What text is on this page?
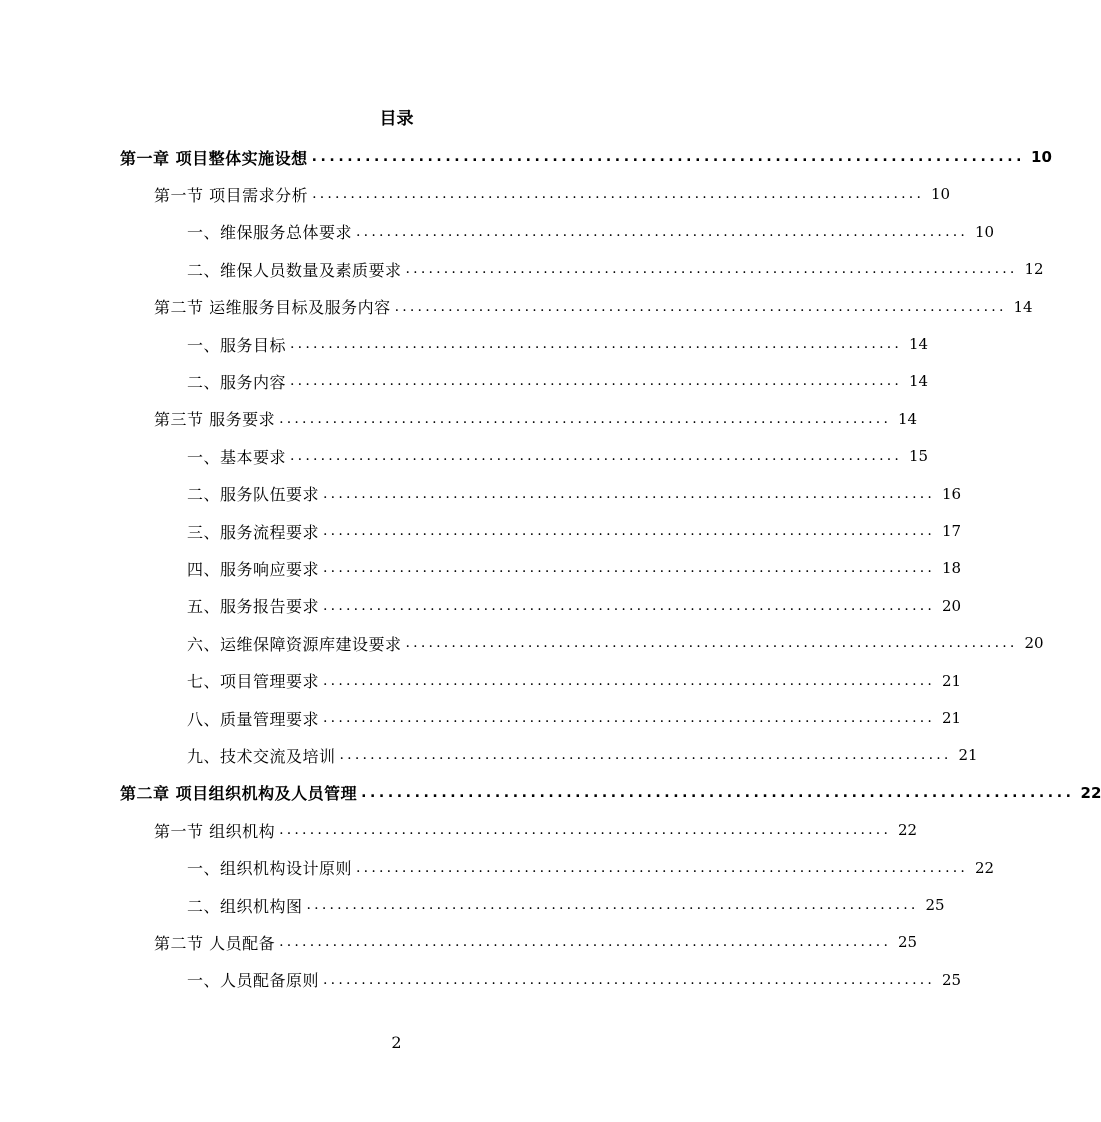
目录
第一章 项目整体实施设想 ................................................................................ 10
第一节 项目需求分析 ................................................................................ 10
一、维保服务总体要求 ................................................................................ 10
二、维保人员数量及素质要求 ................................................................................ 12
第二节 运维服务目标及服务内容 ................................................................................ 14
一、服务目标 ................................................................................ 14
二、服务内容 ................................................................................ 14
第三节 服务要求 ................................................................................ 14
一、基本要求 ................................................................................ 15
二、服务队伍要求 ................................................................................ 16
三、服务流程要求 ................................................................................ 17
四、服务响应要求 ................................................................................ 18
五、服务报告要求 ................................................................................ 20
六、运维保障资源库建设要求 ................................................................................ 20
七、项目管理要求 ................................................................................ 21
八、质量管理要求 ................................................................................ 21
九、技术交流及培训 ................................................................................ 21
第二章 项目组织机构及人员管理 ................................................................................ 22
第一节 组织机构 ................................................................................ 22
一、组织机构设计原则 ................................................................................ 22
二、组织机构图 ................................................................................ 25
第二节 人员配备 ................................................................................ 25
一、人员配备原则 ................................................................................ 25
2
